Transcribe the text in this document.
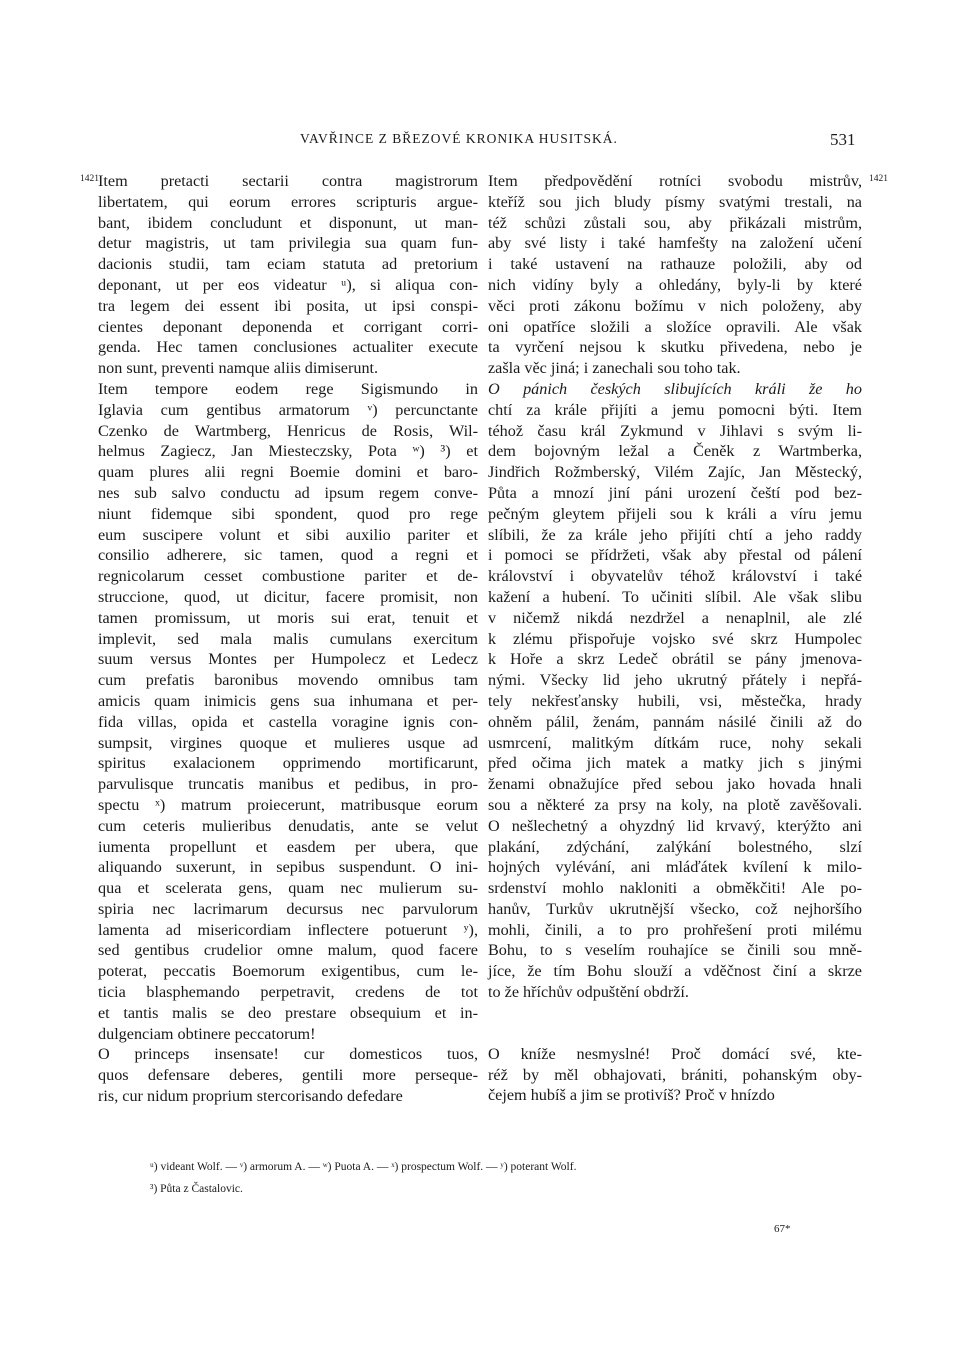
VAVŘINCE Z BŘEZOVÉ KRONIKA HUSITSKÁ.	531
1421	1421
Item pretacti sectarii contra magistrorum
libertatem, qui eorum errores scripturis argue-
bant, ibidem concludunt et disponunt, ut man-
detur magistris, ut tam privilegia sua quam fun-
dacionis studii, tam eciam statuta ad pretorium
deponant, ut per eos videatur ᵘ), si aliqua con-
tra legem dei essent ibi posita, ut ipsi conspi-
cientes deponant deponenda et corrigant corri-
genda. Hec tamen conclusiones actualiter execute
non sunt, preventi namque aliis dimiserunt.
Item tempore eodem rege Sigismundo in
Iglavia cum gentibus armatorum ᵛ) percunctante
Czenko de Wartmberg, Henricus de Rosis, Wil-
helmus Zagiecz, Jan Miesteczsky, Pota ʷ) ³) et
quam plures alii regni Boemie domini et baro-
nes sub salvo conductu ad ipsum regem conve-
niunt fidemque sibi spondent, quod pro rege
eum suscipere volunt et sibi auxilio pariter et
consilio adherere, sic tamen, quod a regni et
regnicolarum cesset combustione pariter et de-
struccione, quod, ut dicitur, facere promisit, non
tamen promissum, ut moris sui erat, tenuit et
implevit, sed mala malis cumulans exercitum
suum versus Montes per Humpolecz et Ledecz
cum prefatis baronibus movendo omnibus tam
amicis quam inimicis gens sua inhumana et per-
fida villas, opida et castella voragine ignis con-
sumpsit, virgines quoque et mulieres usque ad
spiritus exalacionem opprimendo mortificarunt,
parvulisque truncatis manibus et pedibus, in pro-
spectu ˣ) matrum proiecerunt, matribusque eorum
cum ceteris mulieribus denudatis, ante se velut
iumenta propellunt et easdem per ubera, que
aliquando suxerunt, in sepibus suspendunt. O ini-
qua et scelerata gens, quam nec mulierum su-
spiria nec lacrimarum decursus nec parvulorum
lamenta ad misericordiam inflectere potuerunt ʸ),
sed gentibus crudelior omne malum, quod facere
poterat, peccatis Boemorum exigentibus, cum le-
ticia blasphemando perpetravit, credens de tot
et tantis malis se deo prestare obsequium et in-
dulgenciam obtinere peccatorum!
O princeps insensate! cur domesticos tuos,
quos defensare deberes, gentili more perseque-
ris, cur nidum proprium stercorisando defedare
Item předpovědění rotníci svobodu mistrův,
kteříž sou jich bludy písmy svatými trestali, na
též schůzi zůstali sou, aby přikázali mistrům,
aby své listy i také hamfešty na založení učení
i také ustavení na rathauze položili, aby od
nich vidíny byly a ohledány, byly-li by které
věci proti zákonu božímu v nich položeny, aby
oni opatříce složili a složíce opravili. Ale však
ta vyrčení nejsou k skutku přivedena, nebo je
zašla věc jiná; i zanechali sou toho tak.
O pánich českých slibujících králi že ho
chtí za krále přijíti a jemu pomocni býti. Item
téhož času král Zykmund v Jihlavi s svým li-
dem bojovným ležal a Čeněk z Wartmberka,
Jindřich Rožmberský, Vilém Zajíc, Jan Městecký,
Půta a mnozí jiní páni urození čeští pod bez-
pečným gleytem přijeli sou k králi a víru jemu
slíbili, že za krále jeho přijíti chtí a jeho raddy
i pomoci se přídržeti, však aby přestal od pálení
království i obyvatelův téhož království i také
kažení a hubení. To učiniti slíbil. Ale však slibu
v ničemž nikdá nezdržel a nenaplnil, ale zlé
k zlému přispořuje vojsko své skrz Humpolec
k Hoře a skrz Ledeč obrátil se pány jmenova-
nými. Všecky lid jeho ukrutný přátely i nepřá-
tely nekřesťansky hubili, vsi, městečka, hrady
ohněm pálil, ženám, pannám násilé činili až do
usmrcení, malitkým dítkám ruce, nohy sekali
před očima jich matek a matky jich s jinými
ženami obnažujíce před sebou jako hovada hnali
sou a některé za prsy na koly, na plotě zavěšovali.
O nešlechetný a ohyzdný lid krvavý, kterýžto ani
plakání, zdýchání, zalýkání bolestného, slzí
hojných vylévání, ani mláďátek kvílení k milo-
srdenství mohlo nakloniti a obměkčiti! Ale po-
hanův, Turkův ukrutnější všecko, což nejhoršího
mohli, činili, a to pro prohřešení proti milému
Bohu, to s veselím rouhajíce se činili sou mně-
jíce, že tím Bohu slouží a vděčnost činí a skrze
to že hříchův odpuštění obdrží.
O kníže nesmyslné! Proč domácí své, kte-
réž by měl obhajovati, brániti, pohanským oby-
čejem hubíš a jim se protivíš? Proč v hnízdo
ᵘ) videant Wolf. — ᵛ) armorum A. — ʷ) Puota A. — ˣ) prospectum Wolf. — ʸ) poterant Wolf.
³) Půta z Častalovic.
67*
